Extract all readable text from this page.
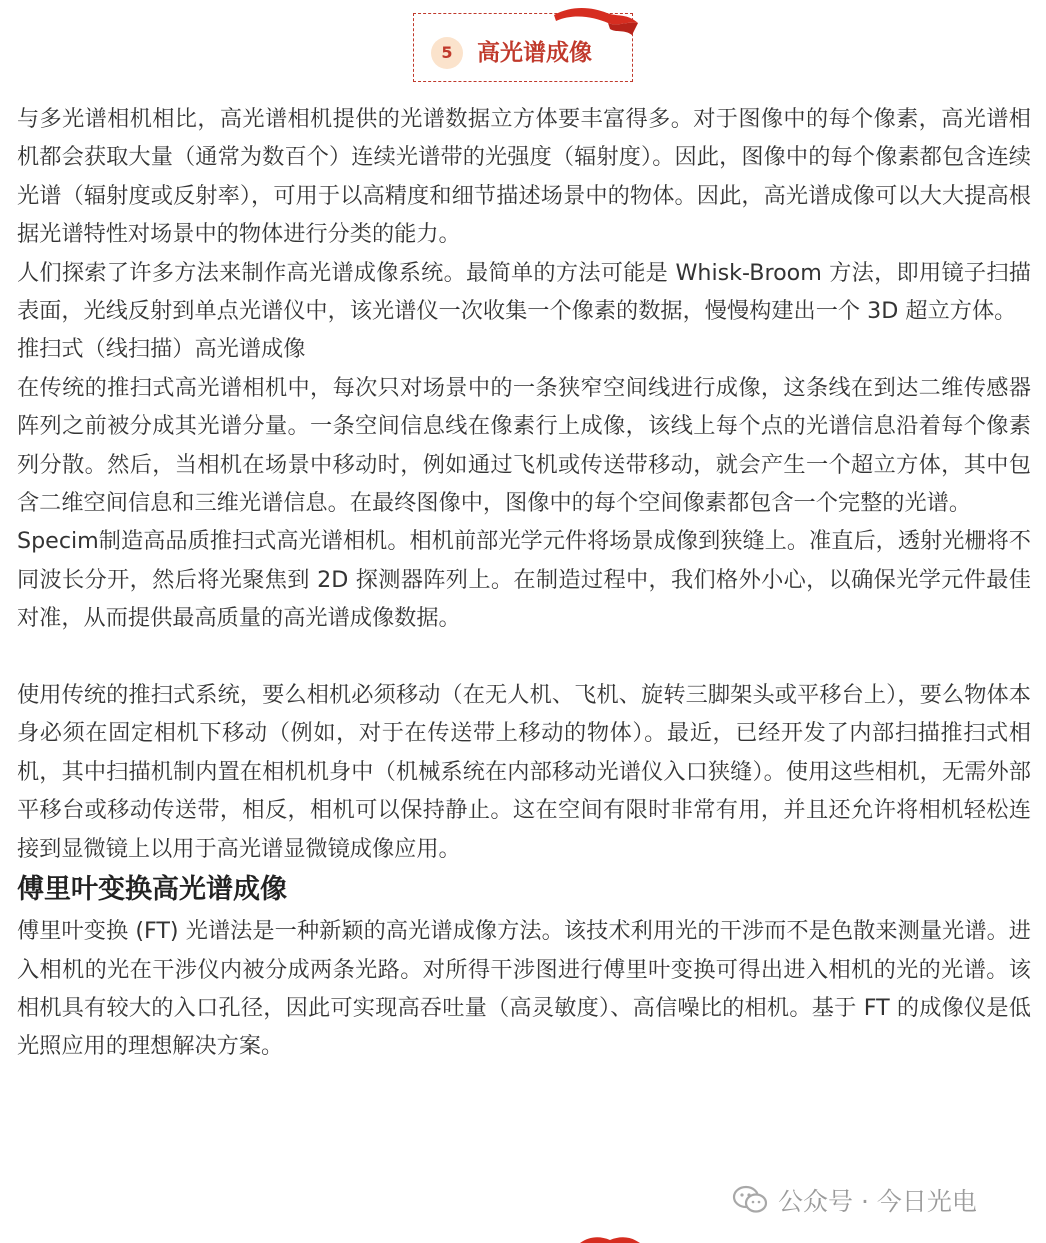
5	高光谱成像

与多光谱相机相比，高光谱相机提供的光谱数据立方体要丰富得多。对于图像中的每个像素，高光谱相机都会获取大量（通常为数百个）连续光谱带的光强度（辐射度）。因此，图像中的每个像素都包含连续光谱（辐射度或反射率），可用于以高精度和细节描述场景中的物体。因此，高光谱成像可以大大提高根据光谱特性对场景中的物体进行分类的能力。

人们探索了许多方法来制作高光谱成像系统。最简单的方法可能是 Whisk-Broom 方法，即用镜子扫描表面，光线反射到单点光谱仪中，该光谱仪一次收集一个像素的数据，慢慢构建出一个 3D 超立方体。

推扫式（线扫描）高光谱成像

在传统的推扫式高光谱相机中，每次只对场景中的一条狭窄空间线进行成像，这条线在到达二维传感器阵列之前被分成其光谱分量。一条空间信息线在像素行上成像，该线上每个点的光谱信息沿着每个像素列分散。然后，当相机在场景中移动时，例如通过飞机或传送带移动，就会产生一个超立方体，其中包含二维空间信息和三维光谱信息。在最终图像中，图像中的每个空间像素都包含一个完整的光谱。

Specim制造高品质推扫式高光谱相机。相机前部光学元件将场景成像到狭缝上。准直后，透射光栅将不同波长分开，然后将光聚焦到 2D 探测器阵列上。在制造过程中，我们格外小心，以确保光学元件最佳对准，从而提供最高质量的高光谱成像数据。

使用传统的推扫式系统，要么相机必须移动（在无人机、飞机、旋转三脚架头或平移台上），要么物体本身必须在固定相机下移动（例如，对于在传送带上移动的物体）。最近，已经开发了内部扫描推扫式相机，其中扫描机制内置在相机机身中（机械系统在内部移动光谱仪入口狭缝）。使用这些相机，无需外部平移台或移动传送带，相反，相机可以保持静止。这在空间有限时非常有用，并且还允许将相机轻松连接到显微镜上以用于高光谱显微镜成像应用。

傅里叶变换高光谱成像

傅里叶变换 (FT) 光谱法是一种新颖的高光谱成像方法。该技术利用光的干涉而不是色散来测量光谱。进入相机的光在干涉仪内被分成两条光路。对所得干涉图进行傅里叶变换可得出进入相机的光的光谱。该相机具有较大的入口孔径，因此可实现高吞吐量（高灵敏度）、高信噪比的相机。基于 FT 的成像仪是低光照应用的理想解决方案。

公众号 · 今日光电
